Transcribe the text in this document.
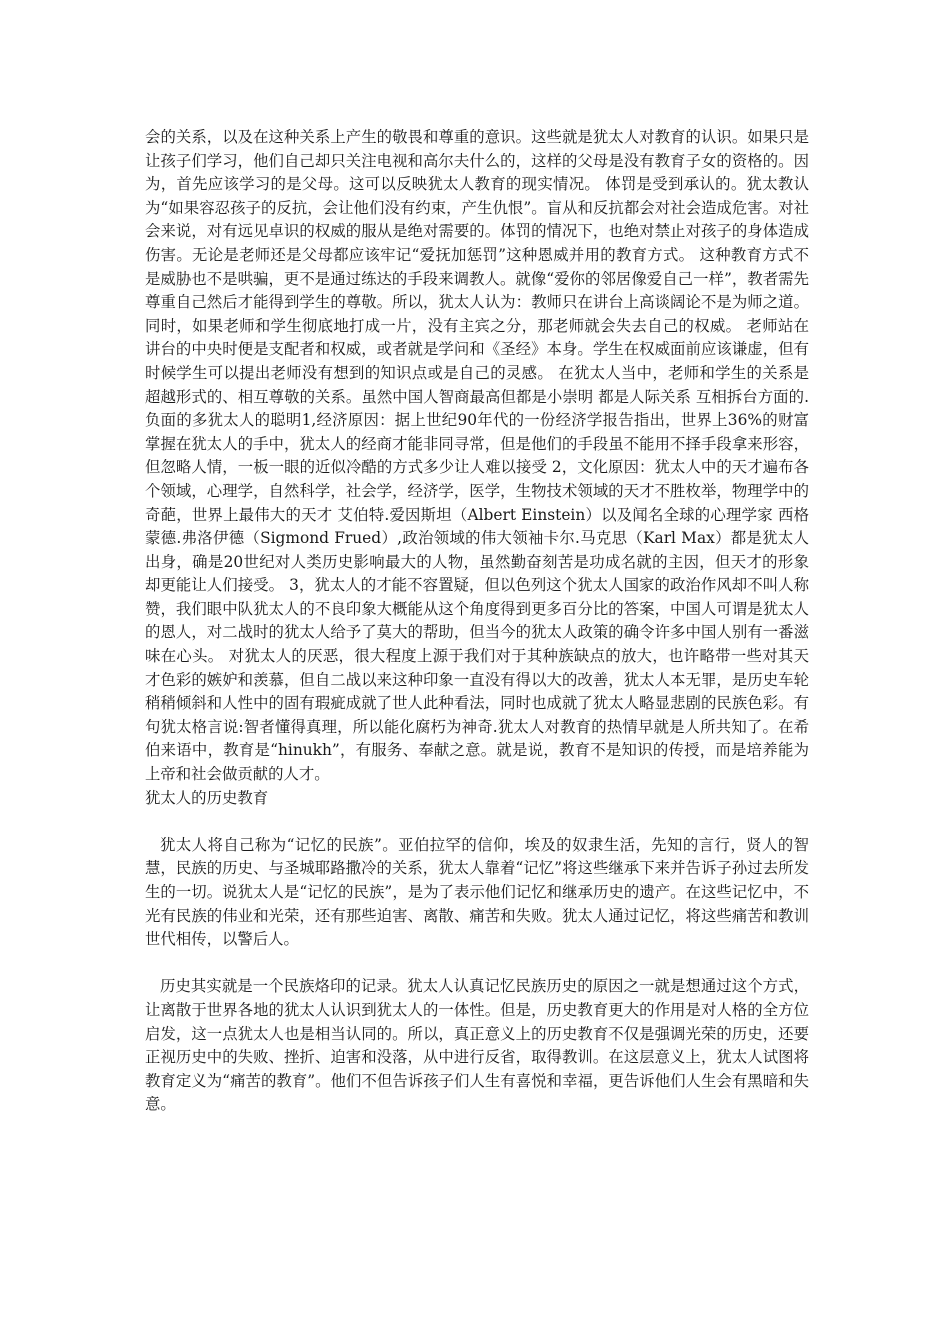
会的关系，以及在这种关系上产生的敬畏和尊重的意识。这些就是犹太人对教育的认识。如果只是让孩子们学习，他们自己却只关注电视和高尔夫什么的，这样的父母是没有教育子女的资格的。因为，首先应该学习的是父母。这可以反映犹太人教育的现实情况。 体罚是受到承认的。犹太教认为“如果容忍孩子的反抗，会让他们没有约束，产生仇恨”。盲从和反抗都会对社会造成危害。对社会来说，对有远见卓识的权威的服从是绝对需要的。体罚的情况下，也绝对禁止对孩子的身体造成伤害。无论是老师还是父母都应该牢记“爱抚加惩罚”这种恩威并用的教育方式。 这种教育方式不是威胁也不是哄骗，更不是通过练达的手段来调教人。就像“爱你的邻居像爱自己一样”，教者需先尊重自己然后才能得到学生的尊敬。所以，犹太人认为：教师只在讲台上高谈阔论不是为师之道。同时，如果老师和学生彻底地打成一片，没有主宾之分，那老师就会失去自己的权威。 老师站在讲台的中央时便是支配者和权威，或者就是学问和《圣经》本身。学生在权威面前应该谦虚，但有时候学生可以提出老师没有想到的知识点或是自己的灵感。 在犹太人当中，老师和学生的关系是超越形式的、相互尊敬的关系。虽然中国人智商最高但都是小崇明 都是人际关系 互相拆台方面的.负面的多犹太人的聪明1,经济原因：据上世纪90年代的一份经济学报告指出，世界上36%的财富掌握在犹太人的手中，犹太人的经商才能非同寻常，但是他们的手段虽不能用不择手段拿来形容，但忽略人情，一板一眼的近似冷酷的方式多少让人难以接受 2，文化原因：犹太人中的天才遍布各个领域，心理学，自然科学，社会学，经济学，医学，生物技术领域的天才不胜枚举，物理学中的奇葩，世界上最伟大的天才 艾伯特.爱因斯坦（Albert Einstein）以及闻名全球的心理学家 西格蒙德.弗洛伊德（Sigmond Frued）,政治领域的伟大领袖卡尔.马克思（Karl Max）都是犹太人出身，确是20世纪对人类历史影响最大的人物，虽然勤奋刻苦是功成名就的主因，但天才的形象却更能让人们接受。 3，犹太人的才能不容置疑，但以色列这个犹太人国家的政治作风却不叫人称赞，我们眼中队犹太人的不良印象大概能从这个角度得到更多百分比的答案，中国人可谓是犹太人的恩人，对二战时的犹太人给予了莫大的帮助，但当今的犹太人政策的确令许多中国人别有一番滋味在心头。 对犹太人的厌恶，很大程度上源于我们对于其种族缺点的放大，也许略带一些对其天才色彩的嫉妒和羡慕，但自二战以来这种印象一直没有得以大的改善，犹太人本无罪，是历史车轮稍稍倾斜和人性中的固有瑕疵成就了世人此种看法，同时也成就了犹太人略显悲剧的民族色彩。有句犹太格言说:智者懂得真理，所以能化腐朽为神奇.犹太人对教育的热情早就是人所共知了。在希伯来语中，教育是“hinukh”，有服务、奉献之意。就是说，教育不是知识的传授，而是培养能为上帝和社会做贡献的人才。

犹太人的历史教育

犹太人将自己称为“记忆的民族”。亚伯拉罕的信仰，埃及的奴隶生活，先知的言行，贤人的智慧，民族的历史、与圣城耶路撒冷的关系，犹太人靠着“记忆”将这些继承下来并告诉子孙过去所发生的一切。说犹太人是“记忆的民族”，是为了表示他们记忆和继承历史的遗产。在这些记忆中，不光有民族的伟业和光荣，还有那些迫害、离散、痛苦和失败。犹太人通过记忆，将这些痛苦和教训世代相传，以警后人。

历史其实就是一个民族烙印的记录。犹太人认真记忆民族历史的原因之一就是想通过这个方式，让离散于世界各地的犹太人认识到犹太人的一体性。但是，历史教育更大的作用是对人格的全方位启发，这一点犹太人也是相当认同的。所以，真正意义上的历史教育不仅是强调光荣的历史，还要正视历史中的失败、挫折、迫害和没落，从中进行反省，取得教训。在这层意义上，犹太人试图将教育定义为“痛苦的教育”。他们不但告诉孩子们人生有喜悦和幸福，更告诉他们人生会有黑暗和失意。
